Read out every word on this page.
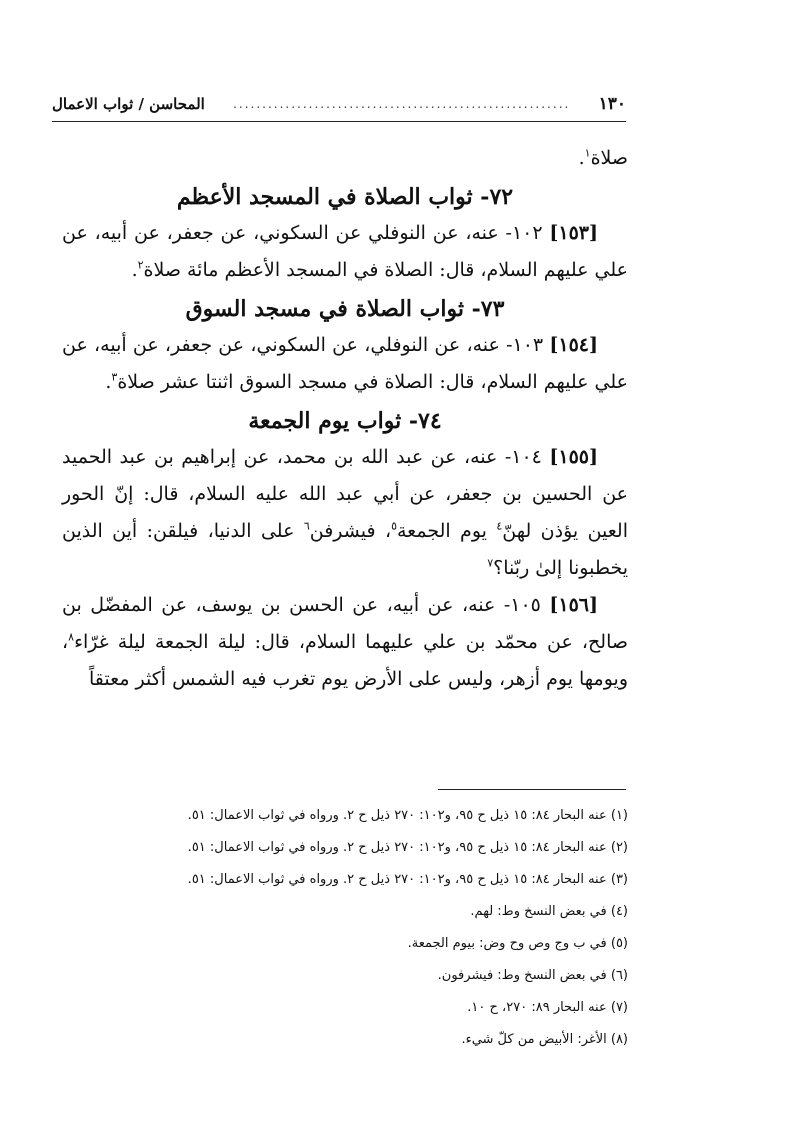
١٣٠
..........................................................
المحاسن / ثواب الاعمال

صلاة$^١$.

٧٢- ثواب الصلاة في المسجد الأعظم

[١٥٣] ١٠٢- عنه، عن النوفلي عن السكوني، عن جعفر، عن أبيه، عن علي عليهم السلام، قال: الصلاة في المسجد الأعظم مائة صلاة$^٢$.

٧٣- ثواب الصلاة في مسجد السوق

[١٥٤] ١٠٣- عنه، عن النوفلي، عن السكوني، عن جعفر، عن أبيه، عن علي عليهم السلام، قال: الصلاة في مسجد السوق اثنتا عشر صلاة$^٣$.

٧٤- ثواب يوم الجمعة

[١٥٥] ١٠٤- عنه، عن عبد الله بن محمد، عن إبراهيم بن عبد الحميد عن الحسين بن جعفر، عن أبي عبد الله عليه السلام، قال: إنّ الحور العين يؤذن لهنّ$^٤$ يوم الجمعة$^٥$، فيشرفن$^٦$ على الدنيا، فيلقن: أين الذين يخطبونا إلىٰ ربّنا؟$^٧$

[١٥٦] ١٠٥- عنه، عن أبيه، عن الحسن بن يوسف، عن المفضّل بن صالح، عن محمّد بن علي عليهما السلام، قال: ليلة الجمعة ليلة غرّاء$^٨$، ويومها يوم أزهر، وليس على الأرض يوم تغرب فيه الشمس أكثر معتقاً

(١) عنه البحار ٨٤: ١٥ ذيل ح ٩٥، و١٠٢: ٢٧٠ ذيل ح ٢. ورواه في ثواب الاعمال: ٥١.
(٢) عنه البحار ٨٤: ١٥ ذيل ح ٩٥، و١٠٢: ٢٧٠ ذيل ح ٢. ورواه في ثواب الاعمال: ٥١.
(٣) عنه البحار ٨٤: ١٥ ذيل ح ٩٥، و١٠٢: ٢٧٠ ذيل ح ٢. ورواه في ثواب الاعمال: ٥١.
(٤) في بعض النسخ وط: لهم.
(٥) في ب وج وص وح وض: بيوم الجمعة.
(٦) في بعض النسخ وط: فيشرفون.
(٧) عنه البحار ٨٩: ٢٧٠، ح ١٠.
(٨) الأغر: الأبيض من كلّ شيء.
